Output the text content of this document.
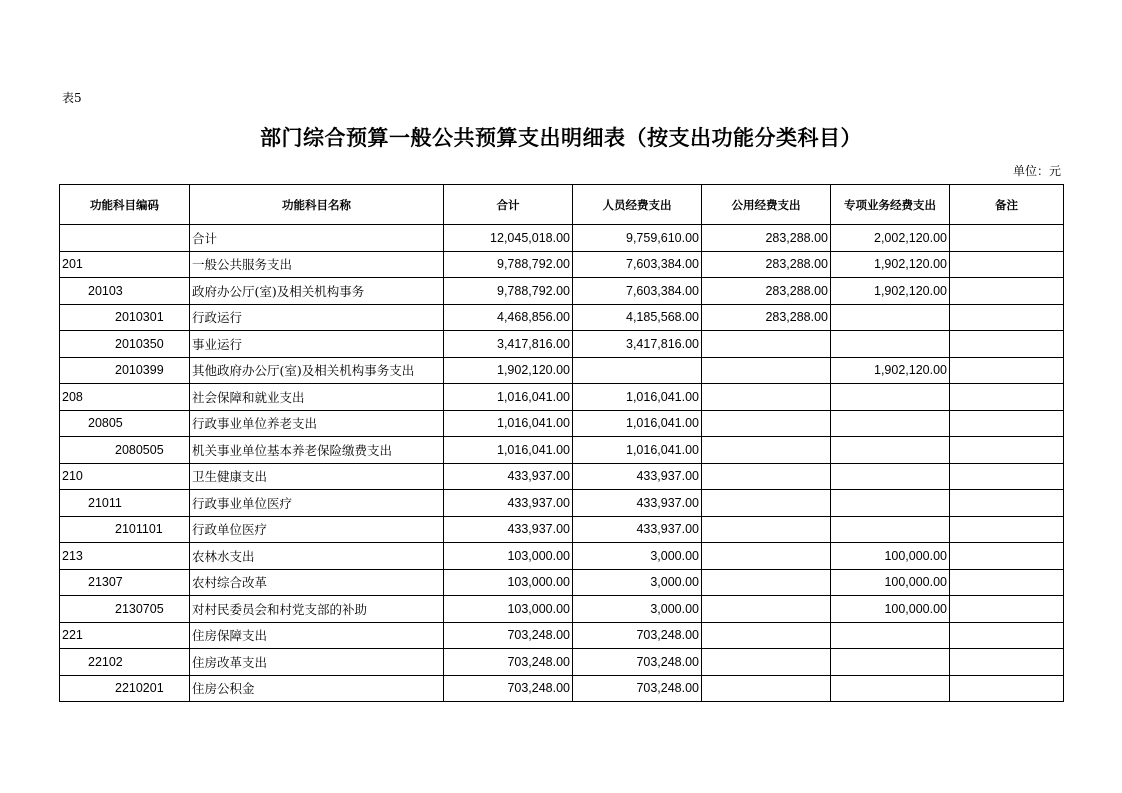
表5
部门综合预算一般公共预算支出明细表（按支出功能分类科目）
单位：元
功能科目编码	功能科目名称	合计	人员经费支出	公用经费支出	专项业务经费支出	备注
	合计	12,045,018.00	9,759,610.00	283,288.00	2,002,120.00	
201	一般公共服务支出	9,788,792.00	7,603,384.00	283,288.00	1,902,120.00	
20103	政府办公厅(室)及相关机构事务	9,788,792.00	7,603,384.00	283,288.00	1,902,120.00	
2010301	行政运行	4,468,856.00	4,185,568.00	283,288.00		
2010350	事业运行	3,417,816.00	3,417,816.00			
2010399	其他政府办公厅(室)及相关机构事务支出	1,902,120.00			1,902,120.00	
208	社会保障和就业支出	1,016,041.00	1,016,041.00			
20805	行政事业单位养老支出	1,016,041.00	1,016,041.00			
2080505	机关事业单位基本养老保险缴费支出	1,016,041.00	1,016,041.00			
210	卫生健康支出	433,937.00	433,937.00			
21011	行政事业单位医疗	433,937.00	433,937.00			
2101101	行政单位医疗	433,937.00	433,937.00			
213	农林水支出	103,000.00	3,000.00		100,000.00	
21307	农村综合改革	103,000.00	3,000.00		100,000.00	
2130705	对村民委员会和村党支部的补助	103,000.00	3,000.00		100,000.00	
221	住房保障支出	703,248.00	703,248.00			
22102	住房改革支出	703,248.00	703,248.00			
2210201	住房公积金	703,248.00	703,248.00			
